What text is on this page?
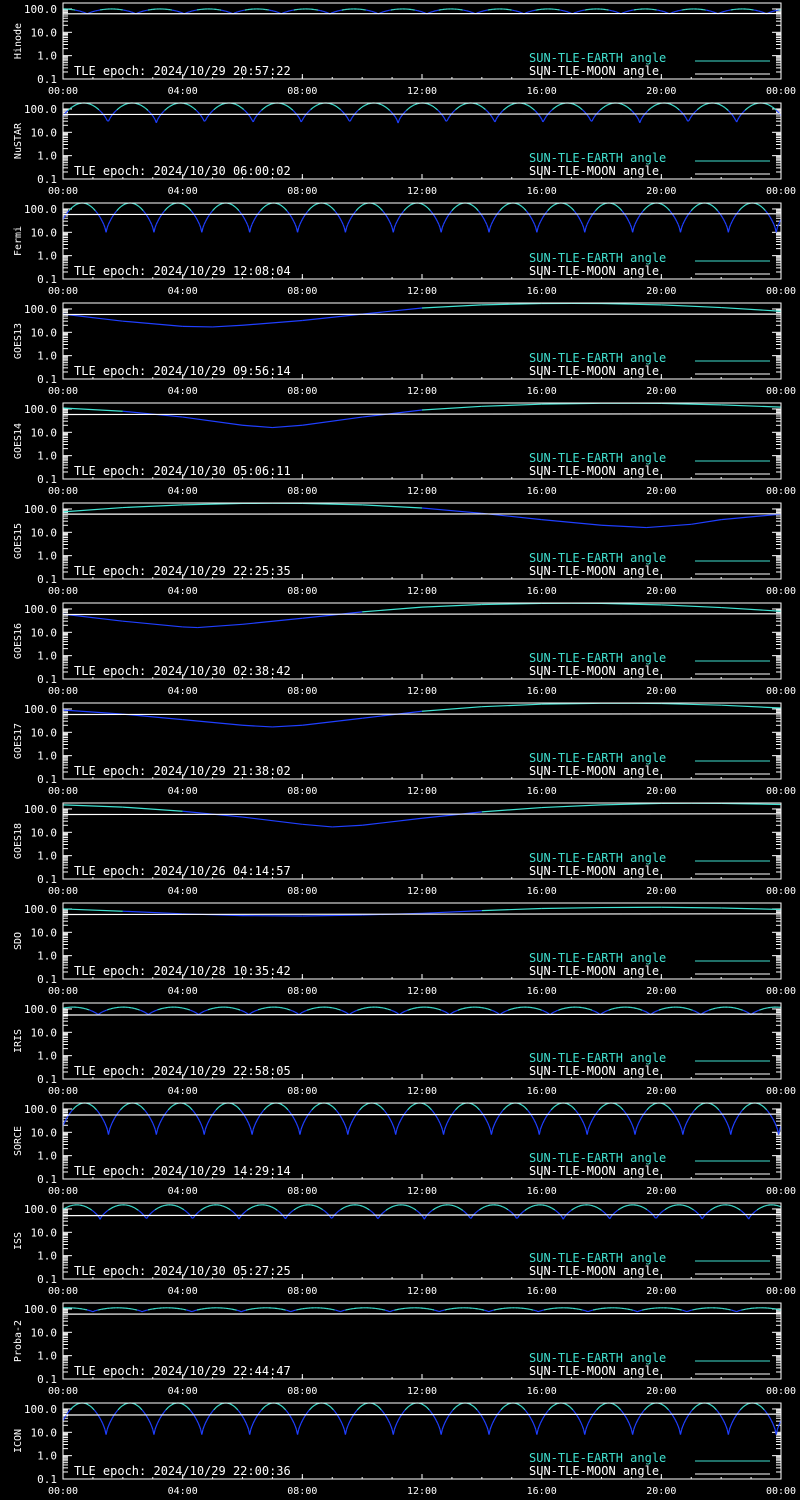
Hinode
100.0
10.0
1.0
0.1
00:00	04:00	08:00	12:00	16:00	20:00	00:00
TLE epoch: 2024/10/29 20:57:22
SUN-TLE-EARTH angle
SUN-TLE-MOON angle
NuSTAR
100.0
10.0
1.0
0.1
00:00	04:00	08:00	12:00	16:00	20:00	00:00
TLE epoch: 2024/10/30 06:00:02
SUN-TLE-EARTH angle
SUN-TLE-MOON angle
Fermi
100.0
10.0
1.0
0.1
00:00	04:00	08:00	12:00	16:00	20:00	00:00
TLE epoch: 2024/10/29 12:08:04
SUN-TLE-EARTH angle
SUN-TLE-MOON angle
GOES13
100.0
10.0
1.0
0.1
00:00	04:00	08:00	12:00	16:00	20:00	00:00
TLE epoch: 2024/10/29 09:56:14
SUN-TLE-EARTH angle
SUN-TLE-MOON angle
GOES14
100.0
10.0
1.0
0.1
00:00	04:00	08:00	12:00	16:00	20:00	00:00
TLE epoch: 2024/10/30 05:06:11
SUN-TLE-EARTH angle
SUN-TLE-MOON angle
GOES15
100.0
10.0
1.0
0.1
00:00	04:00	08:00	12:00	16:00	20:00	00:00
TLE epoch: 2024/10/29 22:25:35
SUN-TLE-EARTH angle
SUN-TLE-MOON angle
GOES16
100.0
10.0
1.0
0.1
00:00	04:00	08:00	12:00	16:00	20:00	00:00
TLE epoch: 2024/10/30 02:38:42
SUN-TLE-EARTH angle
SUN-TLE-MOON angle
GOES17
100.0
10.0
1.0
0.1
00:00	04:00	08:00	12:00	16:00	20:00	00:00
TLE epoch: 2024/10/29 21:38:02
SUN-TLE-EARTH angle
SUN-TLE-MOON angle
GOES18
100.0
10.0
1.0
0.1
00:00	04:00	08:00	12:00	16:00	20:00	00:00
TLE epoch: 2024/10/26 04:14:57
SUN-TLE-EARTH angle
SUN-TLE-MOON angle
SDO
100.0
10.0
1.0
0.1
00:00	04:00	08:00	12:00	16:00	20:00	00:00
TLE epoch: 2024/10/28 10:35:42
SUN-TLE-EARTH angle
SUN-TLE-MOON angle
IRIS
100.0
10.0
1.0
0.1
00:00	04:00	08:00	12:00	16:00	20:00	00:00
TLE epoch: 2024/10/29 22:58:05
SUN-TLE-EARTH angle
SUN-TLE-MOON angle
SORCE
100.0
10.0
1.0
0.1
00:00	04:00	08:00	12:00	16:00	20:00	00:00
TLE epoch: 2024/10/29 14:29:14
SUN-TLE-EARTH angle
SUN-TLE-MOON angle
ISS
100.0
10.0
1.0
0.1
00:00	04:00	08:00	12:00	16:00	20:00	00:00
TLE epoch: 2024/10/30 05:27:25
SUN-TLE-EARTH angle
SUN-TLE-MOON angle
Proba-2
100.0
10.0
1.0
0.1
00:00	04:00	08:00	12:00	16:00	20:00	00:00
TLE epoch: 2024/10/29 22:44:47
SUN-TLE-EARTH angle
SUN-TLE-MOON angle
ICON
100.0
10.0
1.0
0.1
00:00	04:00	08:00	12:00	16:00	20:00	00:00
TLE epoch: 2024/10/29 22:00:36
SUN-TLE-EARTH angle
SUN-TLE-MOON angle
